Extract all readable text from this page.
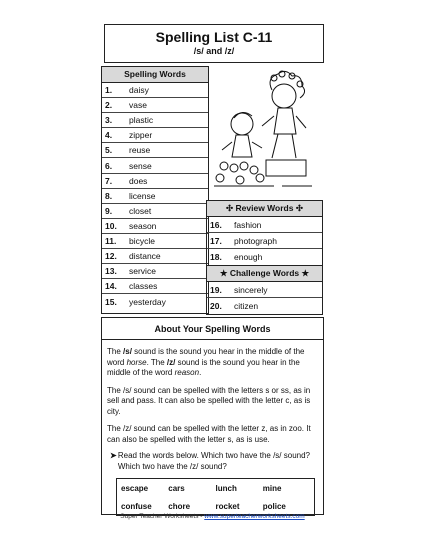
Spelling List C-11
/s/ and /z/
Spelling Words
1.	daisy
2.	vase
3.	plastic
4.	zipper
5.	reuse
6.	sense
7.	does
8.	license
9.	closet
10.	season
11.	bicycle
12.	distance
13.	service
14.	classes
15.	yesterday
✣ Review Words ✣
16.	fashion
17.	photograph
18.	enough
★ Challenge Words ★
19.	sincerely
20.	citizen
About Your Spelling Words
The /s/ sound is the sound you hear in the middle of the word horse. The /z/ sound is the sound you hear in the middle of the word reason.
The /s/ sound can be spelled with the letters s or ss, as in sell and pass. It can also be spelled with the letter c, as is city.
The /z/ sound can be spelled with the letter z, as in zoo. It can also be spelled with the letter s, as is use.
➤ Read the words below. Which two have the /s/ sound? Which two have the /z/ sound?
escape	cars	lunch	mine
confuse	chore	rocket	police
Super Teacher Worksheets - www.superteacherworksheets.com
